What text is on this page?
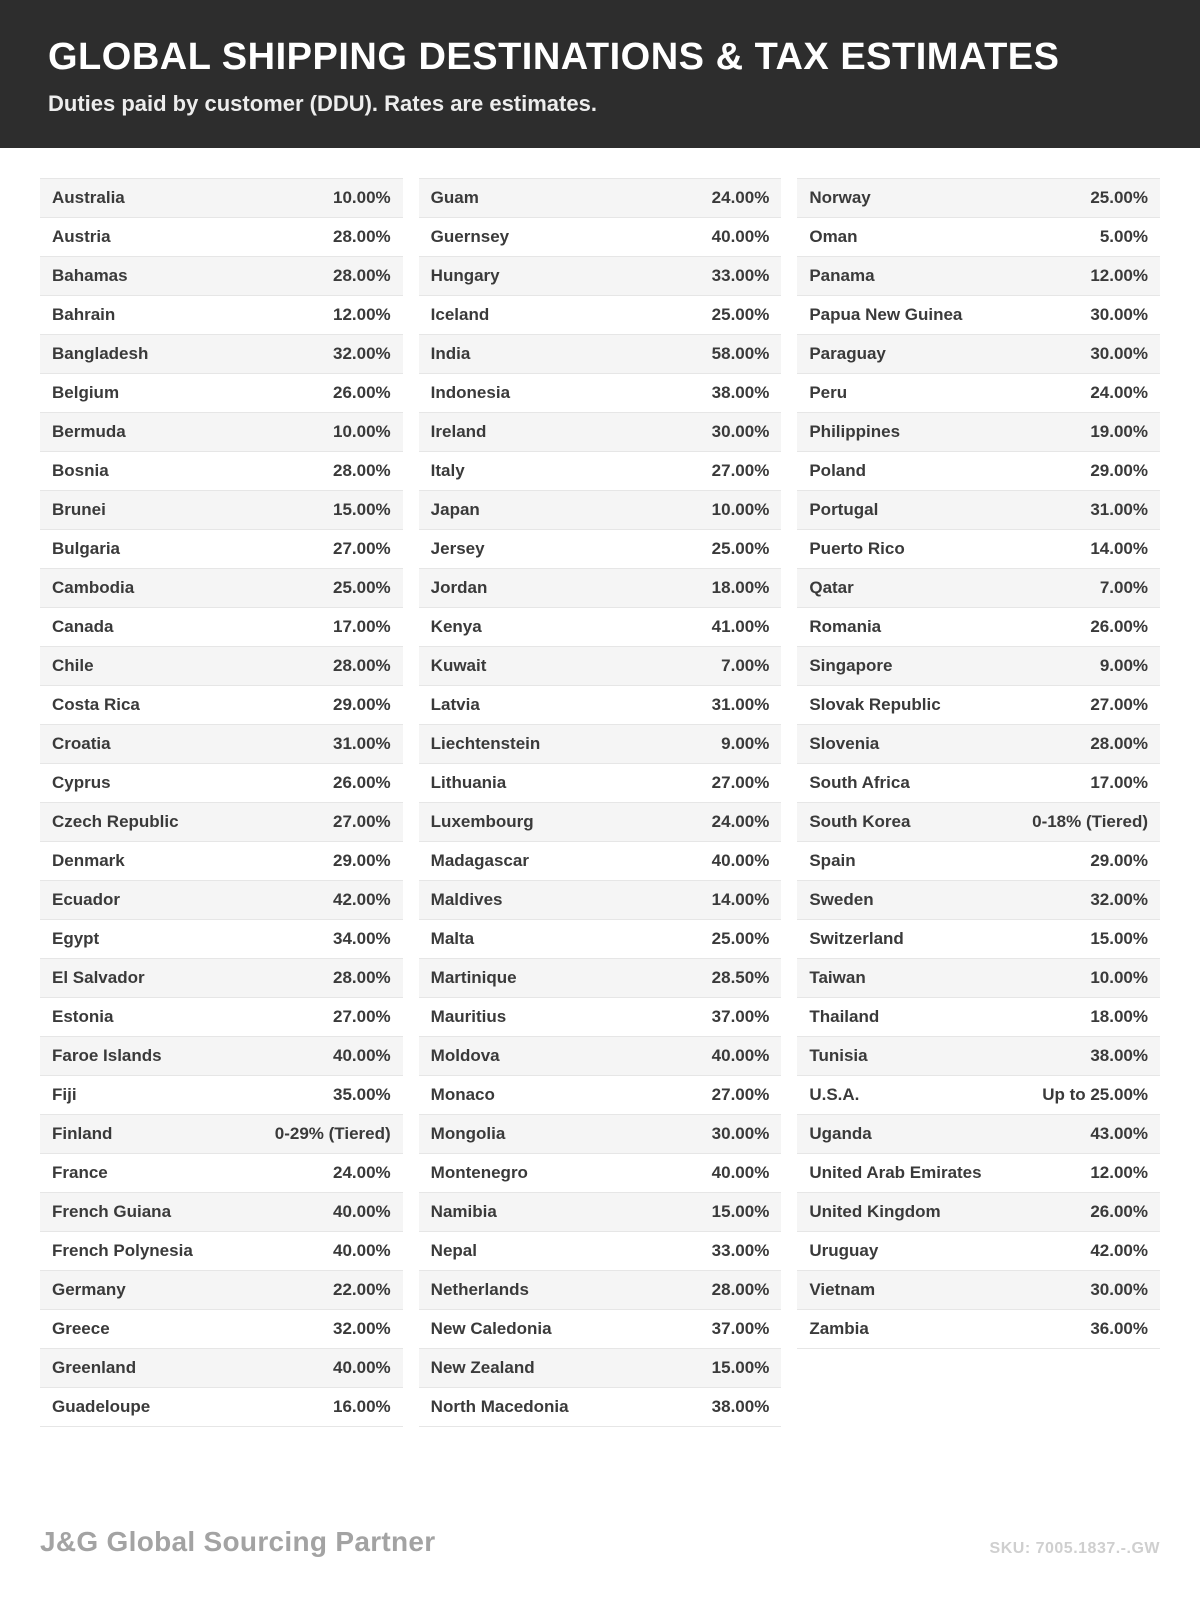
GLOBAL SHIPPING DESTINATIONS & TAX ESTIMATES
Duties paid by customer (DDU). Rates are estimates.
Australia	10.00%
Austria	28.00%
Bahamas	28.00%
Bahrain	12.00%
Bangladesh	32.00%
Belgium	26.00%
Bermuda	10.00%
Bosnia	28.00%
Brunei	15.00%
Bulgaria	27.00%
Cambodia	25.00%
Canada	17.00%
Chile	28.00%
Costa Rica	29.00%
Croatia	31.00%
Cyprus	26.00%
Czech Republic	27.00%
Denmark	29.00%
Ecuador	42.00%
Egypt	34.00%
El Salvador	28.00%
Estonia	27.00%
Faroe Islands	40.00%
Fiji	35.00%
Finland	0-29% (Tiered)
France	24.00%
French Guiana	40.00%
French Polynesia	40.00%
Germany	22.00%
Greece	32.00%
Greenland	40.00%
Guadeloupe	16.00%
Guam	24.00%
Guernsey	40.00%
Hungary	33.00%
Iceland	25.00%
India	58.00%
Indonesia	38.00%
Ireland	30.00%
Italy	27.00%
Japan	10.00%
Jersey	25.00%
Jordan	18.00%
Kenya	41.00%
Kuwait	7.00%
Latvia	31.00%
Liechtenstein	9.00%
Lithuania	27.00%
Luxembourg	24.00%
Madagascar	40.00%
Maldives	14.00%
Malta	25.00%
Martinique	28.50%
Mauritius	37.00%
Moldova	40.00%
Monaco	27.00%
Mongolia	30.00%
Montenegro	40.00%
Namibia	15.00%
Nepal	33.00%
Netherlands	28.00%
New Caledonia	37.00%
New Zealand	15.00%
North Macedonia	38.00%
Norway	25.00%
Oman	5.00%
Panama	12.00%
Papua New Guinea	30.00%
Paraguay	30.00%
Peru	24.00%
Philippines	19.00%
Poland	29.00%
Portugal	31.00%
Puerto Rico	14.00%
Qatar	7.00%
Romania	26.00%
Singapore	9.00%
Slovak Republic	27.00%
Slovenia	28.00%
South Africa	17.00%
South Korea	0-18% (Tiered)
Spain	29.00%
Sweden	32.00%
Switzerland	15.00%
Taiwan	10.00%
Thailand	18.00%
Tunisia	38.00%
U.S.A.	Up to 25.00%
Uganda	43.00%
United Arab Emirates	12.00%
United Kingdom	26.00%
Uruguay	42.00%
Vietnam	30.00%
Zambia	36.00%
J&G Global Sourcing Partner	SKU: 7005.1837.-.GW
